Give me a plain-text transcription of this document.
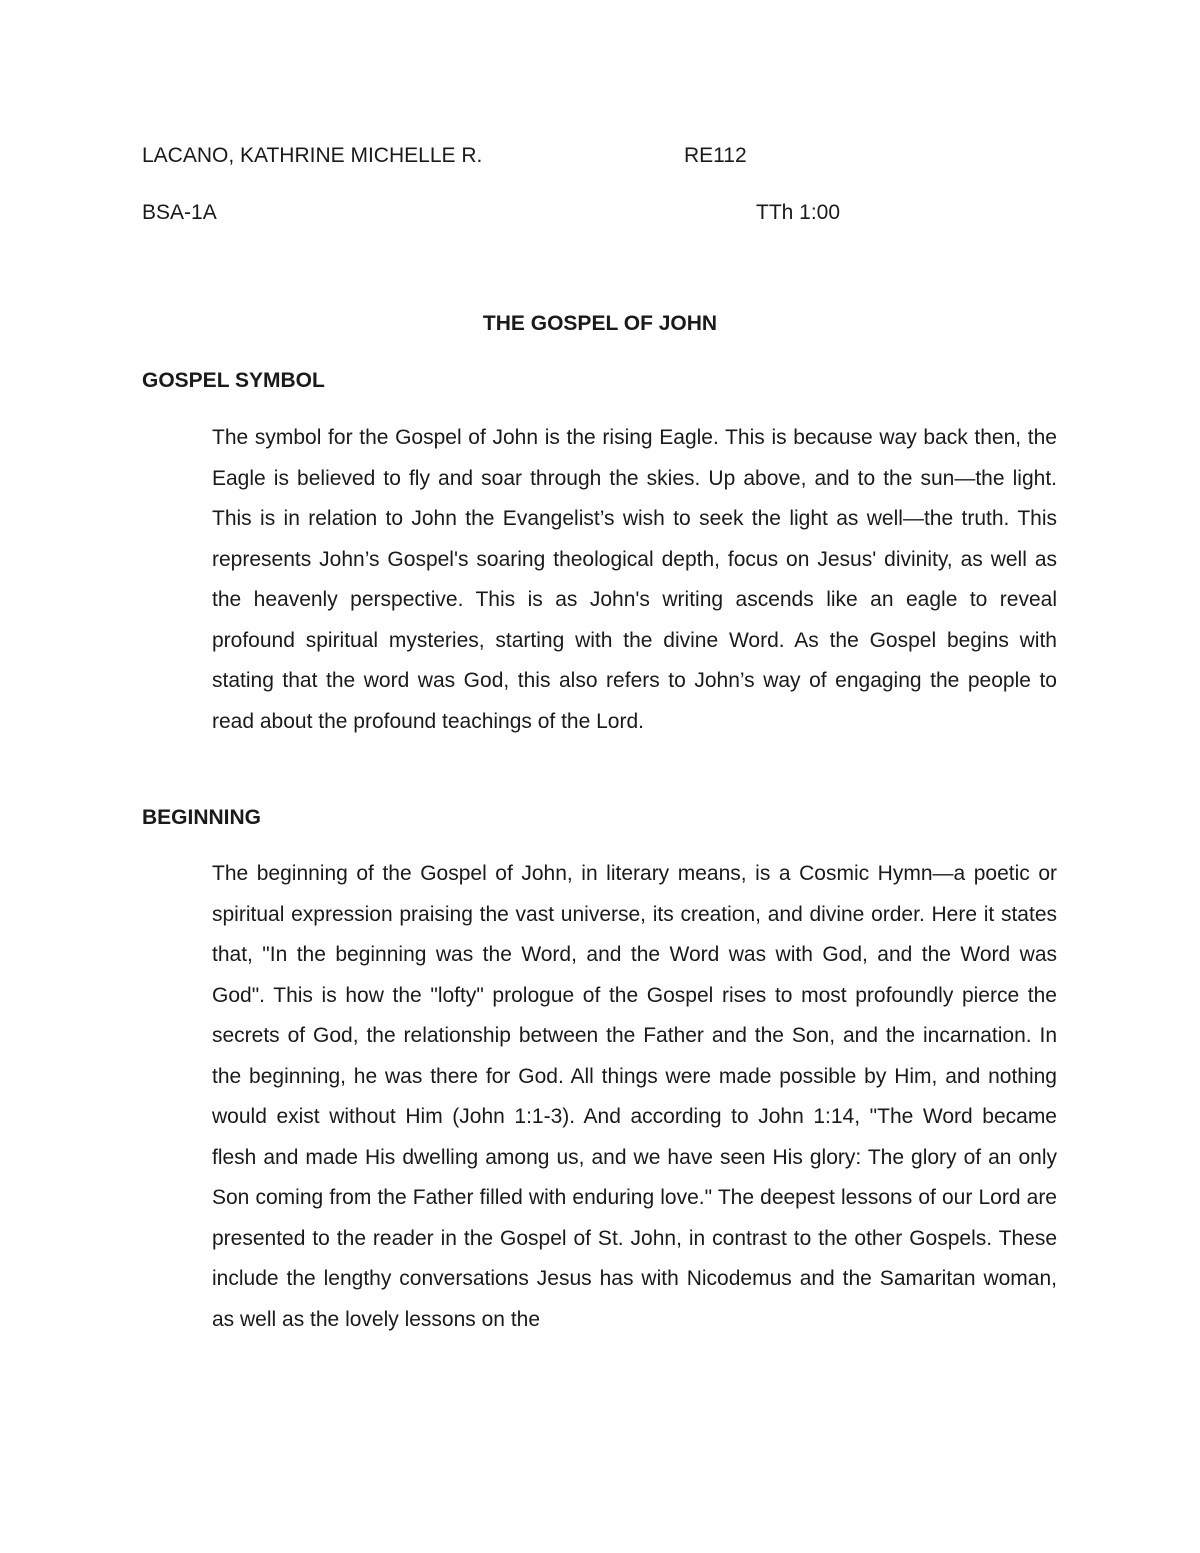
LACANO, KATHRINE MICHELLE R.	RE112
BSA-1A	TTh 1:00
THE GOSPEL OF JOHN
GOSPEL SYMBOL

The symbol for the Gospel of John is the rising Eagle. This is because way back then, the Eagle is believed to fly and soar through the skies. Up above, and to the sun—the light. This is in relation to John the Evangelist’s wish to seek the light as well—the truth. This represents John’s Gospel's soaring theological depth, focus on Jesus' divinity, as well as the heavenly perspective. This is as John's writing ascends like an eagle to reveal profound spiritual mysteries, starting with the divine Word. As the Gospel begins with stating that the word was God, this also refers to John’s way of engaging the people to read about the profound teachings of the Lord.

BEGINNING

The beginning of the Gospel of John, in literary means, is a Cosmic Hymn—a poetic or spiritual expression praising the vast universe, its creation, and divine order. Here it states that, "In the beginning was the Word, and the Word was with God, and the Word was God". This is how the "lofty" prologue of the Gospel rises to most profoundly pierce the secrets of God, the relationship between the Father and the Son, and the incarnation. In the beginning, he was there for God. All things were made possible by Him, and nothing would exist without Him (John 1:1-3). And according to John 1:14, "The Word became flesh and made His dwelling among us, and we have seen His glory: The glory of an only Son coming from the Father filled with enduring love." The deepest lessons of our Lord are presented to the reader in the Gospel of St. John, in contrast to the other Gospels. These include the lengthy conversations Jesus has with Nicodemus and the Samaritan woman, as well as the lovely lessons on the
